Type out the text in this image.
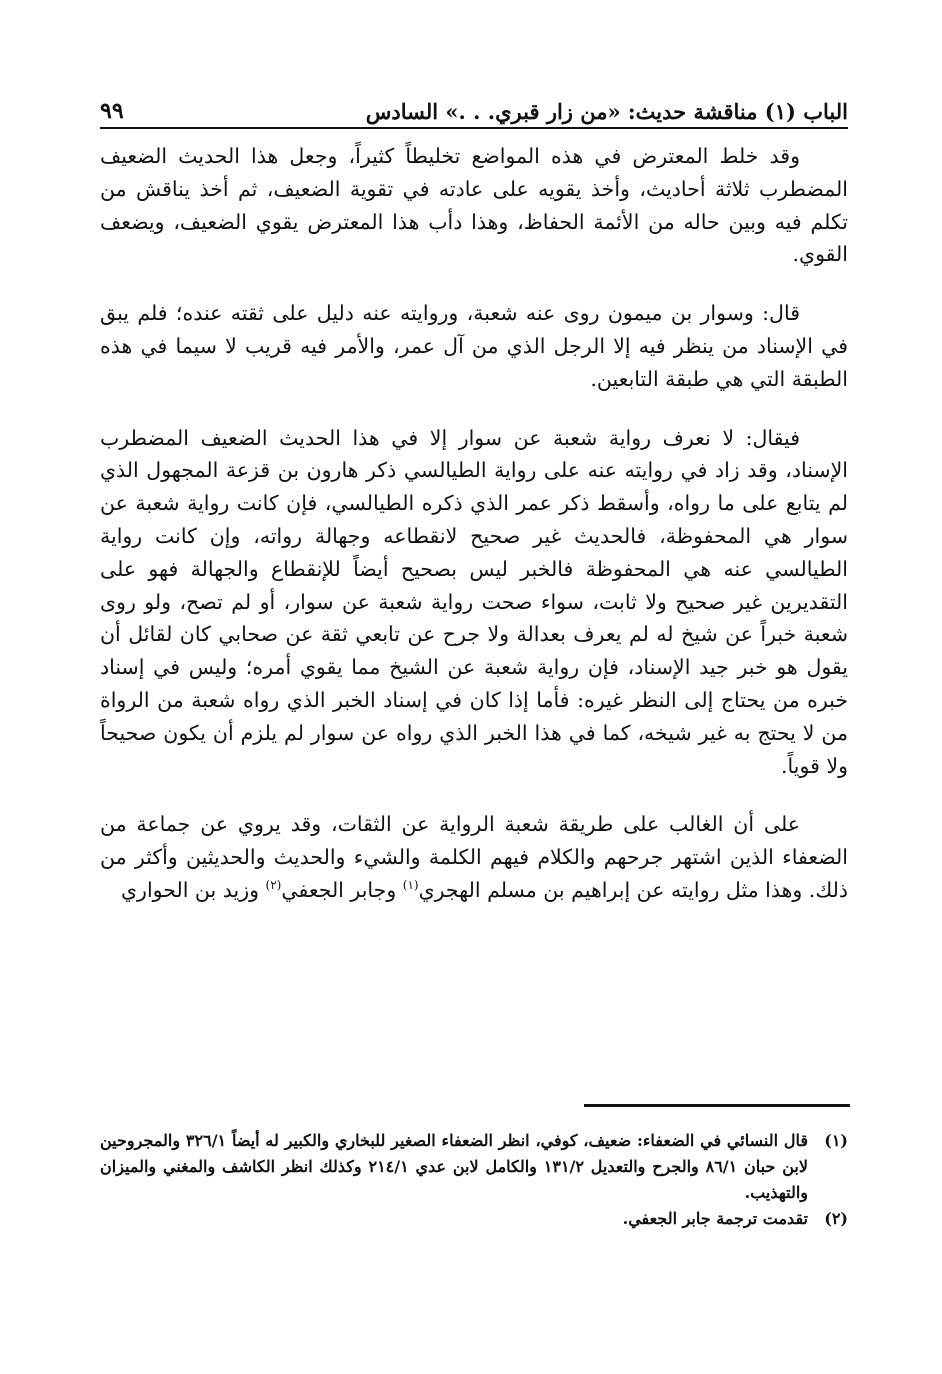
الباب (١) مناقشة حديث: «من زار قبري. . .» السادس
٩٩

وقد خلط المعترض في هذه المواضع تخليطاً كثيراً، وجعل هذا الحديث الضعيف المضطرب ثلاثة أحاديث، وأخذ يقويه على عادته في تقوية الضعيف، ثم أخذ يناقش من تكلم فيه وبين حاله من الأئمة الحفاظ، وهذا دأب هذا المعترض يقوي الضعيف، ويضعف القوي.

قال: وسوار بن ميمون روى عنه شعبة، وروايته عنه دليل على ثقته عنده؛ فلم يبق في الإسناد من ينظر فيه إلا الرجل الذي من آل عمر، والأمر فيه قريب لا سيما في هذه الطبقة التي هي طبقة التابعين.

فيقال: لا نعرف رواية شعبة عن سوار إلا في هذا الحديث الضعيف المضطرب الإسناد، وقد زاد في روايته عنه على رواية الطيالسي ذكر هارون بن قزعة المجهول الذي لم يتابع على ما رواه، وأسقط ذكر عمر الذي ذكره الطيالسي، فإن كانت رواية شعبة عن سوار هي المحفوظة، فالحديث غير صحيح لانقطاعه وجهالة رواته، وإن كانت رواية الطيالسي عنه هي المحفوظة فالخبر ليس بصحيح أيضاً للإنقطاع والجهالة فهو على التقديرين غير صحيح ولا ثابت، سواء صحت رواية شعبة عن سوار، أو لم تصح، ولو روى شعبة خبراً عن شيخ له لم يعرف بعدالة ولا جرح عن تابعي ثقة عن صحابي كان لقائل أن يقول هو خبر جيد الإسناد، فإن رواية شعبة عن الشيخ مما يقوي أمره؛ وليس في إسناد خبره من يحتاج إلى النظر غيره: فأما إذا كان في إسناد الخبر الذي رواه شعبة من الرواة من لا يحتج به غير شيخه، كما في هذا الخبر الذي رواه عن سوار لم يلزم أن يكون صحيحاً ولا قوياً.

على أن الغالب على طريقة شعبة الرواية عن الثقات، وقد يروي عن جماعة من الضعفاء الذين اشتهر جرحهم والكلام فيهم الكلمة والشيء والحديث والحديثين وأكثر من ذلك. وهذا مثل روايته عن إبراهيم بن مسلم الهجري$^{(١)}$ وجابر الجعفي$^{(٢)}$ وزيد بن الحواري

(١)
قال النسائي في الضعفاء: ضعيف، كوفي، انظر الضعفاء الصغير للبخاري والكبير له أيضاً ٣٢٦/١ والمجروحين لابن حبان ٨٦/١ والجرح والتعديل ١٣١/٢ والكامل لابن عدي ٢١٤/١ وكذلك انظر الكاشف والمغني والميزان والتهذيب.
(٢)
تقدمت ترجمة جابر الجعفي.
